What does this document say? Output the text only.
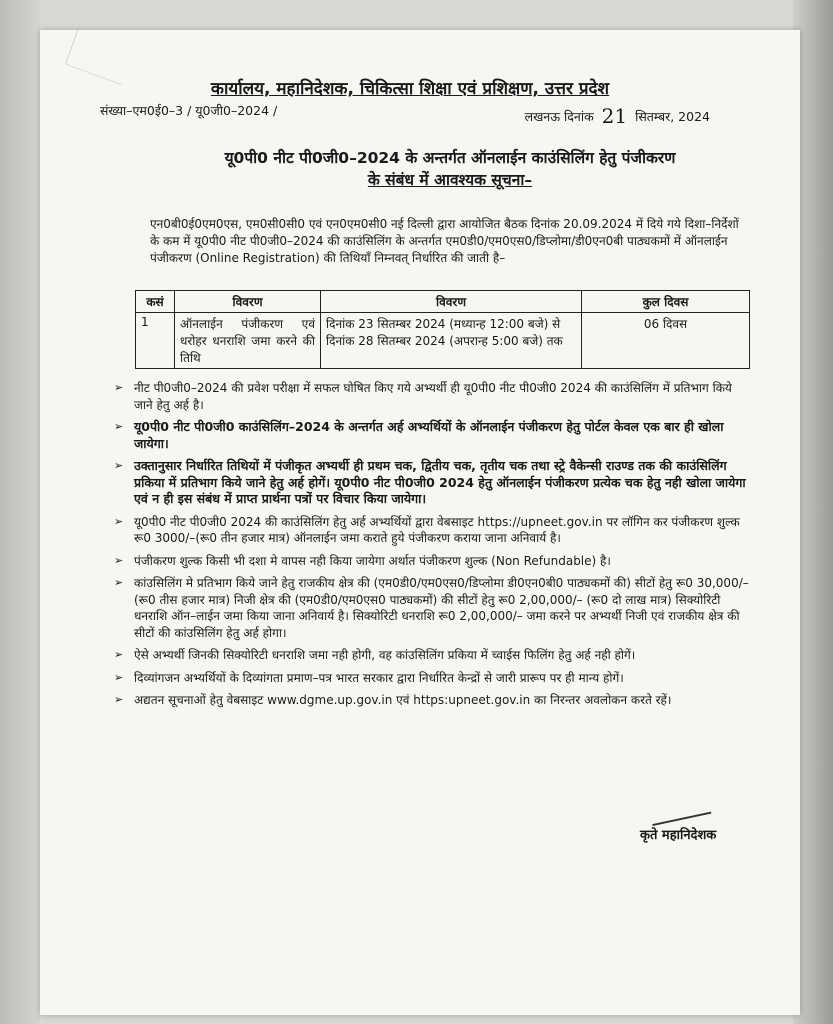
कार्यालय, महानिदेशक, चिकित्सा शिक्षा एवं प्रशिक्षण, उत्तर प्रदेश
संख्या–एम0ई0–3 / यू0जी0–2024 /	लखनऊ दिनांक 21 सितम्बर, 2024
यू0पी0 नीट पी0जी0–2024 के अन्तर्गत ऑनलाईन काउंसिलिंग हेतु पंजीकरण
के संबंध में आवश्यक सूचना–
एन0बी0ई0एम0एस, एम0सी0सी0 एवं एन0एम0सी0 नई दिल्ली द्वारा आयोजित बैठक दिनांक 20.09.2024 में दिये गये दिशा–निर्देशों के कम में यू0पी0 नीट पी0जी0–2024 की काउंसिलिंग के अन्तर्गत एम0डी0/एम0एस0/डिप्लोमा/डी0एन0बी पाठ्यकमों में ऑनलाईन पंजीकरण (Online Registration) की तिथियॉं निम्नवत् निर्धारित की जाती है–
कसं	विवरण	विवरण	कुल दिवस
1	ऑनलाईन पंजीकरण एवं धरोहर धनराशि जमा करने की तिथि	दिनांक 23 सितम्बर 2024 (मध्यान्ह 12:00 बजे) से दिनांक 28 सितम्बर 2024 (अपरान्ह 5:00 बजे) तक	06 दिवस
➢ नीट पी0जी0–2024 की प्रवेश परीक्षा में सफल घोषित किए गये अभ्यर्थी ही यू0पी0 नीट पी0जी0 2024 की काउंसिलिंग में प्रतिभाग किये जाने हेतु अर्ह है।
➢ यू0पी0 नीट पी0जी0 काउंसिलिंग–2024 के अन्तर्गत अर्ह अभ्यर्थियों के ऑनलाईन पंजीकरण हेतु पोर्टल केवल एक बार ही खोला जायेगा।
➢ उक्तानुसार निर्धारित तिथियों में पंजीकृत अभ्यर्थी ही प्रथम चक, द्वितीय चक, तृतीय चक तथा स्ट्रे वैकेन्सी राउण्ड तक की काउंसिलिंग प्रकिया में प्रतिभाग किये जाने हेतु अर्ह होगें। यू0पी0 नीट पी0जी0 2024 हेतु ऑनलाईन पंजीकरण प्रत्येक चक हेतु नही खोला जायेगा एवं न ही इस संबंध में प्राप्त प्रार्थना पत्रों पर विचार किया जायेगा।
➢ यू0पी0 नीट पी0जी0 2024 की काउंसिलिंग हेतु अर्ह अभ्यर्थियों द्वारा वेबसाइट https://upneet.gov.in पर लॉगिन कर पंजीकरण शुल्क रू0 3000/–(रू0 तीन हजार मात्र) ऑनलाईन जमा कराते हुये पंजीकरण कराया जाना अनिवार्य है।
➢ पंजीकरण शुल्क किसी भी दशा मे वापस नही किया जायेगा अर्थात पंजीकरण शुल्क (Non Refundable) है।
➢ कांउसिलिंग मे प्रतिभाग किये जाने हेतु राजकीय क्षेत्र की (एम0डी0/एम0एस0/डिप्लोमा डी0एन0बी0 पाठ्यकमों की) सीटों हेतु रू0 30,000/–(रू0 तीस हजार मात्र) निजी क्षेत्र की (एम0डी0/एम0एस0 पाठ्यकमों) की सीटों हेतु रू0 2,00,000/– (रू0 दो लाख मात्र) सिक्योरिटी धनराशि ऑन–लाईन जमा किया जाना अनिवार्य है। सिक्योरिटी धनराशि रू0 2,00,000/– जमा करने पर अभ्यर्थी निजी एवं राजकीय क्षेत्र की सीटों की कांउसिलिंग हेतु अर्ह होगा।
➢ ऐसे अभ्यर्थी जिनकी सिक्योरिटी धनराशि जमा नही होगी, वह कांउसिलिंग प्रकिया में च्वाईस फिलिंग हेतु अर्ह नही होगें।
➢ दिव्यांगजन अभ्यर्थियों के दिव्यांगता प्रमाण–पत्र भारत सरकार द्वारा निर्धारित केन्द्रों से जारी प्रारूप पर ही मान्य होगें।
➢ अद्यतन सूचनाओं हेतु वेबसाइट www.dgme.up.gov.in एवं https:upneet.gov.in का निरन्तर अवलोकन करते रहें।
कृते महानिदेशक
